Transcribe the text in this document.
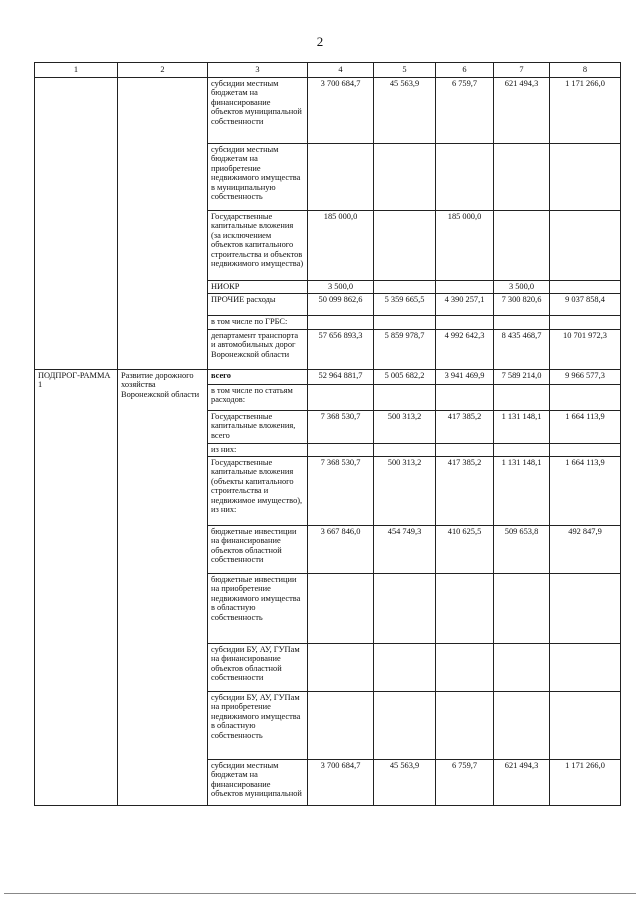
2
1	2	3	4	5	6	7	8
		субсидии местным бюджетам на финансирование объектов муниципальной собственности	3 700 684,7	45 563,9	6 759,7	621 494,3	1 171 266,0
		субсидии местным бюджетам на приобретение недвижимого имущества в муниципальную собственность					
		Государственные капитальные вложения (за исключением объектов капитального строительства и объектов недвижимого имущества)	185 000,0		185 000,0		
		НИОКР	3 500,0			3 500,0	
		ПРОЧИЕ расходы	50 099 862,6	5 359 665,5	4 390 257,1	7 300 820,6	9 037 858,4
		в том числе по ГРБС:					
		департамент транспорта и автомобильных дорог Воронежской области	57 656 893,3	5 859 978,7	4 992 642,3	8 435 468,7	10 701 972,3
ПОДПРОГ-РАММА 1	Развитие дорожного хозяйства Воронежской области	всего	52 964 881,7	5 005 682,2	3 941 469,9	7 589 214,0	9 966 577,3
		в том числе по статьям расходов:					
		Государственные капитальные вложения, всего	7 368 530,7	500 313,2	417 385,2	1 131 148,1	1 664 113,9
		из них:					
		Государственные капитальные вложения (объекты капитального строительства и недвижимое имущество), из них:	7 368 530,7	500 313,2	417 385,2	1 131 148,1	1 664 113,9
		бюджетные инвестиции на финансирование объектов областной собственности	3 667 846,0	454 749,3	410 625,5	509 653,8	492 847,9
		бюджетные инвестиции на приобретение недвижимого имущества в областную собственность					
		субсидии БУ, АУ, ГУПам на финансирование объектов областной собственности					
		субсидии БУ, АУ, ГУПам на приобретение недвижимого имущества в областную собственность					
		субсидии местным бюджетам на финансирование объектов муниципальной	3 700 684,7	45 563,9	6 759,7	621 494,3	1 171 266,0
